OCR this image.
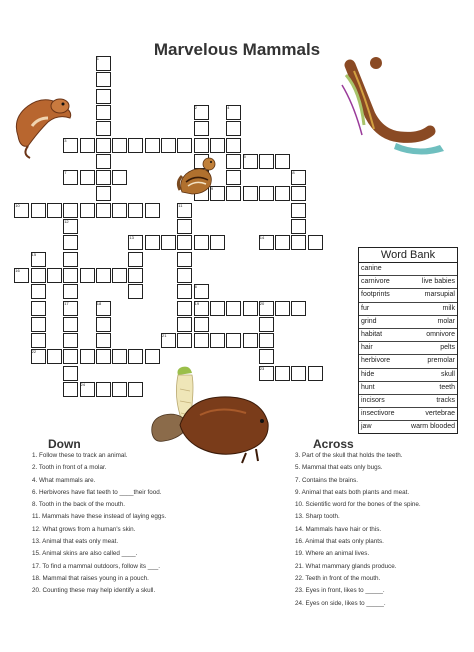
Marvelous Mammals
1
2
3
4
5
6
7	8
9
10	11
12
13	14
15
16
17	18	19	20
21
22
23
24
Word Bank
canine
carnivore	live babies
footprints	marsupial
fur	milk
grind	molar
habitat	omnivore
hair	pelts
herbivore	premolar
hide	skull
hunt	teeth
incisors	tracks
insectivore	vertebrae
jaw	warm blooded
Down
1. Follow these to track an animal.
2. Tooth in front of a molar.
4. What mammals are.
6. Herbivores have flat teeth to ____their food.
8. Tooth in the back of the mouth.
11. Mammals have these instead of laying eggs.
12. What grows from a human's skin.
13. Animal that eats only meat.
15. Animal skins are also called ____.
17. To find a mammal outdoors, follow its ___.
18. Mammal that raises young in a pouch.
20. Counting these may help identify a skull.
Across
3. Part of the skull that holds the teeth.
5. Mammal that eats only bugs.
7. Contains the brains.
9. Animal that eats both plants and meat.
10. Scientific word for the bones of the spine.
13. Sharp tooth.
14. Mammals have hair or this.
16. Animal that eats only plants.
19. Where an animal lives.
21. What mammary glands produce.
22. Teeth in front of the mouth.
23. Eyes in front, likes to _____.
24. Eyes on side, likes to _____.
